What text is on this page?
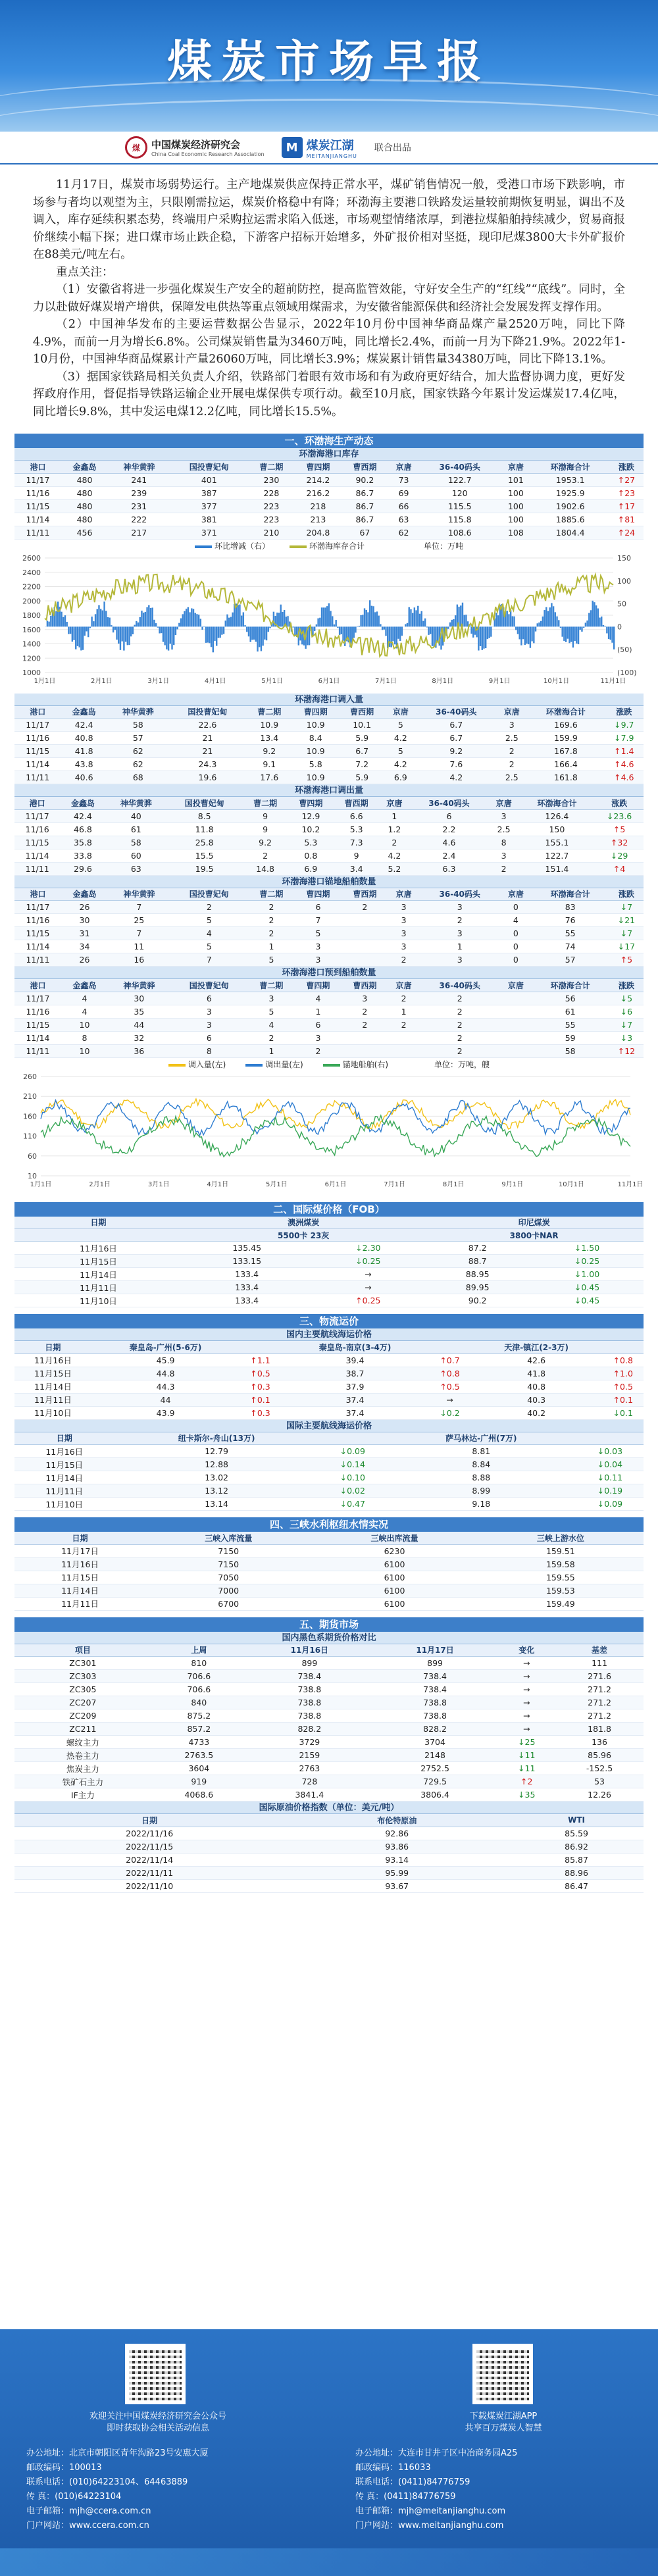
煤炭市场早报
煤	中国煤炭经济研究会
China Coal Economic Research Association	M 煤炭江湖
MEITANJIANGHU
联合出品

11月17日，煤炭市场弱势运行。主产地煤炭供应保持正常水平，煤矿销售情况一般，受港口市场下跌影响，市场参与者均以观望为主，只限刚需拉运，煤炭价格稳中有降；环渤海主要港口铁路发运量较前期恢复明显，调出不及调入，库存延续积累态势，终端用户采购拉运需求陷入低迷，市场观望情绪浓厚，到港拉煤船舶持续减少，贸易商报价继续小幅下探；进口煤市场止跌企稳，下游客户招标开始增多，外矿报价相对坚挺，现印尼煤3800大卡外矿报价在88美元/吨左右。

重点关注：

（1）安徽省将进一步强化煤炭生产安全的超前防控，提高监管效能，守好安全生产的“红线”“底线”。同时，全力以赴做好煤炭增产增供，保障发电供热等重点领域用煤需求，为安徽省能源保供和经济社会发展发挥支撑作用。

（2）中国神华发布的主要运营数据公告显示，2022年10月份中国神华商品煤产量2520万吨，同比下降4.9%，而前一月为增长6.8%。公司煤炭销售量为3460万吨，同比增长2.4%，而前一月为下降21.9%。2022年1-10月份，中国神华商品煤累计产量26060万吨，同比增长3.9%；煤炭累计销售量34380万吨，同比下降13.1%。

（3）据国家铁路局相关负责人介绍，铁路部门着眼有效市场和有为政府更好结合，加大监督协调力度，更好发挥政府作用，督促指导铁路运输企业开展电煤保供专项行动。截至10月底，国家铁路今年累计发运煤炭17.4亿吨，同比增长9.8%，其中发运电煤12.2亿吨，同比增长15.5%。

一、环渤海生产动态
环渤海港口库存
港口	金鑫岛	神华黄骅	国投曹妃甸	曹二期	曹四期	曹西期	京唐	36-40码头	京唐	环渤海合计	涨跌
11/17	480	241	401	230	214.2	90.2	73	122.7	101	1953.1	↑27
11/16	480	239	387	228	216.2	86.7	69	120	100	1925.9	↑23
11/15	480	231	377	223	218	86.7	66	115.5	100	1902.6	↑17
11/14	480	222	381	223	213	86.7	63	115.8	100	1885.6	↑81
11/11	456	217	371	210	204.8	67	62	108.6	108	1804.4	↑24
环比增减（右）	环渤海库存合计	单位：万吨
2600
2400
2200
2000
1800
1600
1400
1200
1000
150
100
50
0
(50)
(100)
1月1日	2月1日	3月1日	4月1日	5月1日	6月1日	7月1日	8月1日	9月1日	10月1日	11月1日
环渤海港口调入量
港口	金鑫岛	神华黄骅	国投曹妃甸	曹二期	曹四期	曹西期	京唐	36-40码头	京唐	环渤海合计	涨跌
11/17	42.4	58	22.6	10.9	10.9	10.1	5	6.7	3	169.6	↓9.7
11/16	40.8	57	21	13.4	8.4	5.9	4.2	6.7	2.5	159.9	↓7.9
11/15	41.8	62	21	9.2	10.9	6.7	5	9.2	2	167.8	↑1.4
11/14	43.8	62	24.3	9.1	5.8	7.2	4.2	7.6	2	166.4	↑4.6
11/11	40.6	68	19.6	17.6	10.9	5.9	6.9	4.2	2.5	161.8	↑4.6
环渤海港口调出量
港口	金鑫岛	神华黄骅	国投曹妃甸	曹二期	曹四期	曹西期	京唐	36-40码头	京唐	环渤海合计	涨跌
11/17	42.4	40	8.5	9	12.9	6.6	1	6	3	126.4	↓23.6
11/16	46.8	61	11.8	9	10.2	5.3	1.2	2.2	2.5	150	↑5
11/15	35.8	58	25.8	9.2	5.3	7.3	2	4.6	8	155.1	↑32
11/14	33.8	60	15.5	2	0.8	9	4.2	2.4	3	122.7	↓29
11/11	29.6	63	19.5	14.8	6.9	3.4	5.2	6.3	2	151.4	↑4
环渤海港口锚地船舶数量
港口	金鑫岛	神华黄骅	国投曹妃甸	曹二期	曹四期	曹西期	京唐	36-40码头	京唐	环渤海合计	涨跌
11/17	26	7	2	2	6	2	3	3	0	83	↓7
11/16	30	25	5	2	7		3	2	4	76	↓21
11/15	31	7	4	2	5		3	3	0	55	↓7
11/14	34	11	5	1	3		3	1	0	74	↓17
11/11	26	16	7	5	3		2	3	0	57	↑5
环渤海港口预到船舶数量
港口	金鑫岛	神华黄骅	国投曹妃甸	曹二期	曹四期	曹西期	京唐	36-40码头	京唐	环渤海合计	涨跌
11/17	4	30	6	3	4	3	2	2		56	↓5
11/16	4	35	3	5	1	2	1	2		61	↓6
11/15	10	44	3	4	6	2	2	2		55	↓7
11/14	8	32	6	2	3			2		59	↓3
11/11	10	36	8	1	2			2		58	↑12
调入量(左)	调出量(左)	锚地船舶(右)	单位：万吨，艘
260
210
160
110
60
10
1月1日	2月1日	3月1日	4月1日	5月1日	6月1日	7月1日	8月1日	9月1日	10月1日	11月1日
二、国际煤价格（FOB）
日期	澳洲煤炭		印尼煤炭	
	5500卡 23灰		3800卡NAR	
11月16日	135.45	↓2.30	87.2	↓1.50
11月15日	133.15	↓0.25	88.7	↓0.25
11月14日	133.4	→	88.95	↓1.00
11月11日	133.4	→	89.95	↓0.45
11月10日	133.4	↑0.25	90.2	↓0.45
三、物流运价
国内主要航线海运价格
日期	秦皇岛-广州(5-6万)		秦皇岛-南京(3-4万)		天津-镇江(2-3万)	
11月16日	45.9	↑1.1	39.4	↑0.7	42.6	↑0.8
11月15日	44.8	↑0.5	38.7	↑0.8	41.8	↑1.0
11月14日	44.3	↑0.3	37.9	↑0.5	40.8	↑0.5
11月11日	44	↑0.1	37.4	→	40.3	↑0.1
11月10日	43.9	↑0.3	37.4	↓0.2	40.2	↓0.1
国际主要航线海运价格
日期	纽卡斯尔-舟山(13万)		萨马林达-广州(7万)	
11月16日	12.79	↓0.09	8.81	↓0.03
11月15日	12.88	↓0.14	8.84	↓0.04
11月14日	13.02	↓0.10	8.88	↓0.11
11月11日	13.12	↓0.02	8.99	↓0.19
11月10日	13.14	↓0.47	9.18	↓0.09
四、三峡水利枢纽水情实况
日期	三峡入库流量	三峡出库流量	三峡上游水位
11月17日	7150	6230	159.51
11月16日	7150	6100	159.58
11月15日	7050	6100	159.55
11月14日	7000	6100	159.53
11月11日	6700	6100	159.49
五、期货市场
国内黑色系期货价格对比
项目	上周	11月16日	11月17日	变化	基差
ZC301	810	899	899	→	111
ZC303	706.6	738.4	738.4	→	271.6
ZC305	706.6	738.8	738.4	→	271.2
ZC207	840	738.8	738.8	→	271.2
ZC209	875.2	738.8	738.8	→	271.2
ZC211	857.2	828.2	828.2	→	181.8
螺纹主力	4733	3729	3704	↓25	136
热卷主力	2763.5	2159	2148	↓11	85.96
焦炭主力	3604	2763	2752.5	↓11	-152.5
铁矿石主力	919	728	729.5	↑2	53
IF主力	4068.6	3841.4	3806.4	↓35	12.26
国际原油价格指数（单位：美元/吨）
日期	布伦特原油	WTI
2022/11/16	92.86	85.59
2022/11/15	93.86	86.92
2022/11/14	93.14	85.87
2022/11/11	95.99	88.96
2022/11/10	93.67	86.47
欢迎关注中国煤炭经济研究会公众号
即时获取协会相关活动信息
下载煤炭江湖APP
共享百万煤炭人智慧
办公地址：北京市朝阳区青年沟路23号安惠大厦
邮政编码：100013
联系电话：(010)64223104、64463889
传 真：(010)64223104
电子邮箱：mjh@ccera.com.cn
门户网站：www.ccera.com.cn
办公地址：大连市甘井子区中冶商务园A25
邮政编码：116033
联系电话：(0411)84776759
传 真：(0411)84776759
电子邮箱：mjh@meitanjianghu.com
门户网站：www.meitanjianghu.com
